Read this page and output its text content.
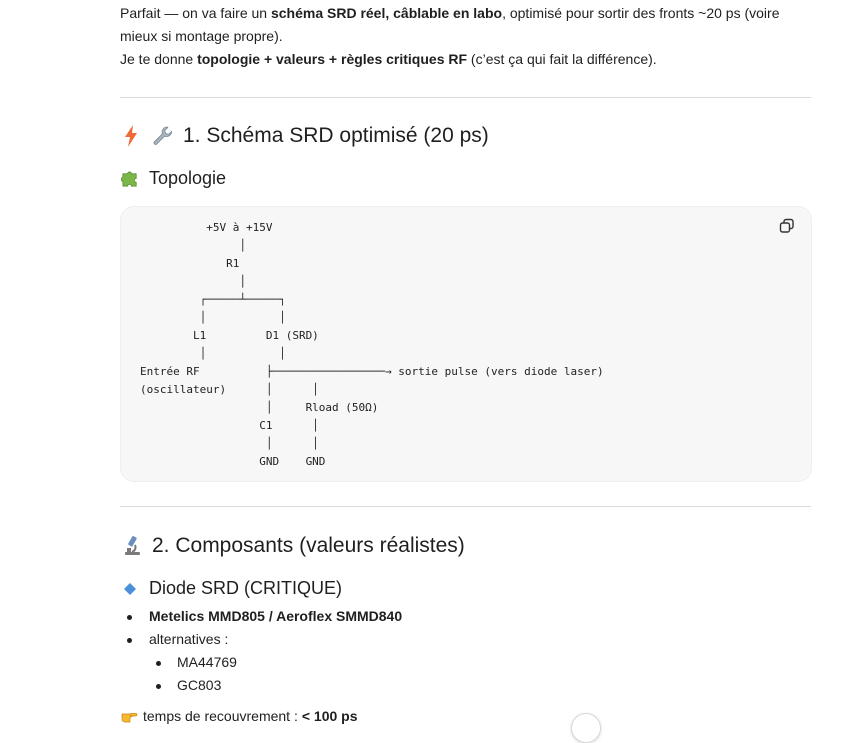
Parfait — on va faire un schéma SRD réel, câblable en labo, optimisé pour sortir des fronts ~20 ps (voire

mieux si montage propre).

Je te donne topologie + valeurs + règles critiques RF (c’est ça qui fait la différence).

1. Schéma SRD optimisé (20 ps)
Topologie
+5V à +15V
│
R1
│
┌─────┴─────┐
│           │
L1         D1 (SRD)
│           │
Entrée RF          ├─────────────────→ sortie pulse (vers diode laser)
(oscillateur)      │      │
│     Rload (50Ω)
C1      │
│      │
GND    GND
2. Composants (valeurs réalistes)
Diode SRD (CRITIQUE)
Metelics MMD805 / Aeroflex SMMD840
alternatives :
MA44769
GC803
temps de recouvrement : < 100 ps
